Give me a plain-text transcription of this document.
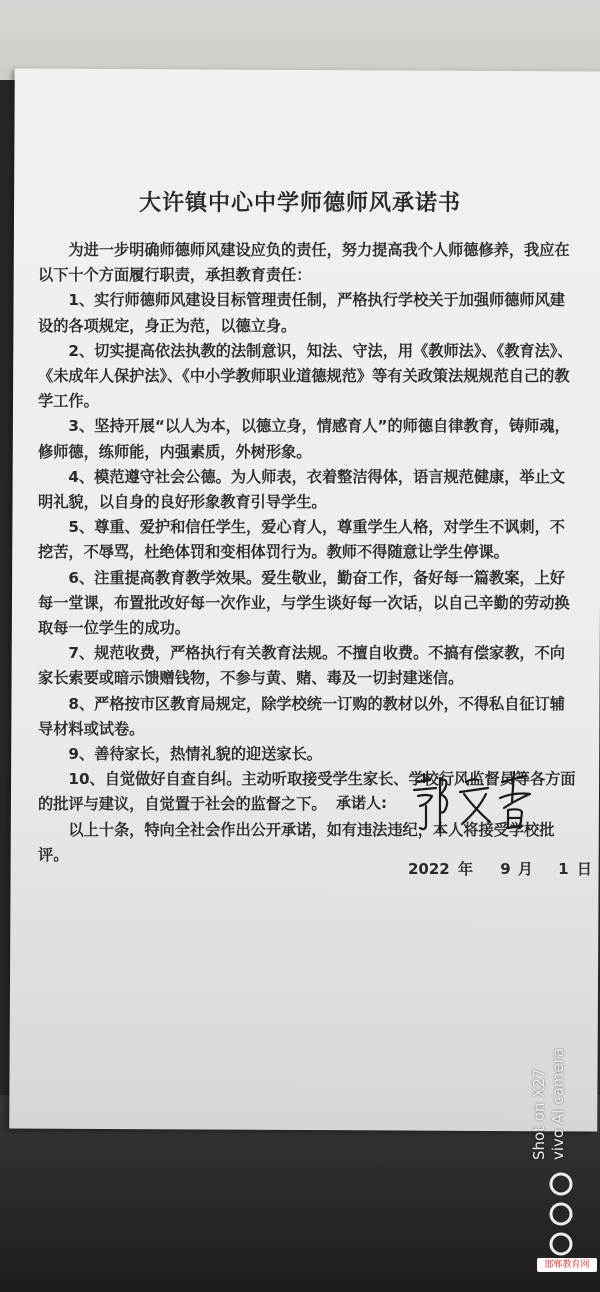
大许镇中心中学师德师风承诺书

为进一步明确师德师风建设应负的责任，努力提高我个人师德修养，我应在以下十个方面履行职责，承担教育责任：

1、实行师德师风建设目标管理责任制，严格执行学校关于加强师德师风建设的各项规定，身正为范，以德立身。

2、切实提高依法执教的法制意识，知法、守法，用《教师法》、《教育法》、《未成年人保护法》、《中小学教师职业道德规范》等有关政策法规规范自己的教学工作。

3、坚持开展“以人为本，以德立身，情感育人”的师德自律教育，铸师魂，修师德，练师能，内强素质，外树形象。

4、模范遵守社会公德。为人师表，衣着整洁得体，语言规范健康，举止文明礼貌，以自身的良好形象教育引导学生。

5、尊重、爱护和信任学生，爱心育人，尊重学生人格，对学生不讽刺，不挖苦，不辱骂，杜绝体罚和变相体罚行为。教师不得随意让学生停课。

6、注重提高教育教学效果。爱生敬业，勤奋工作，备好每一篇教案，上好每一堂课，布置批改好每一次作业，与学生谈好每一次话，以自己辛勤的劳动换取每一位学生的成功。

7、规范收费，严格执行有关教育法规。不擅自收费。不搞有偿家教，不向家长索要或暗示馈赠钱物，不参与黄、赌、毒及一切封建迷信。

8、严格按市区教育局规定，除学校统一订购的教材以外，不得私自征订辅导材料或试卷。

9、善待家长，热情礼貌的迎送家长。

10、自觉做好自查自纠。主动听取接受学生家长、学校行风监督员等各方面的批评与建议，自觉置于社会的监督之下。

以上十条，特向全社会作出公开承诺，如有违法违纪，本人将接受学校批评。

承诺人:
2022 年 9 月 1 日
Shot on X27 vivo AI camera
邯郸教育网
